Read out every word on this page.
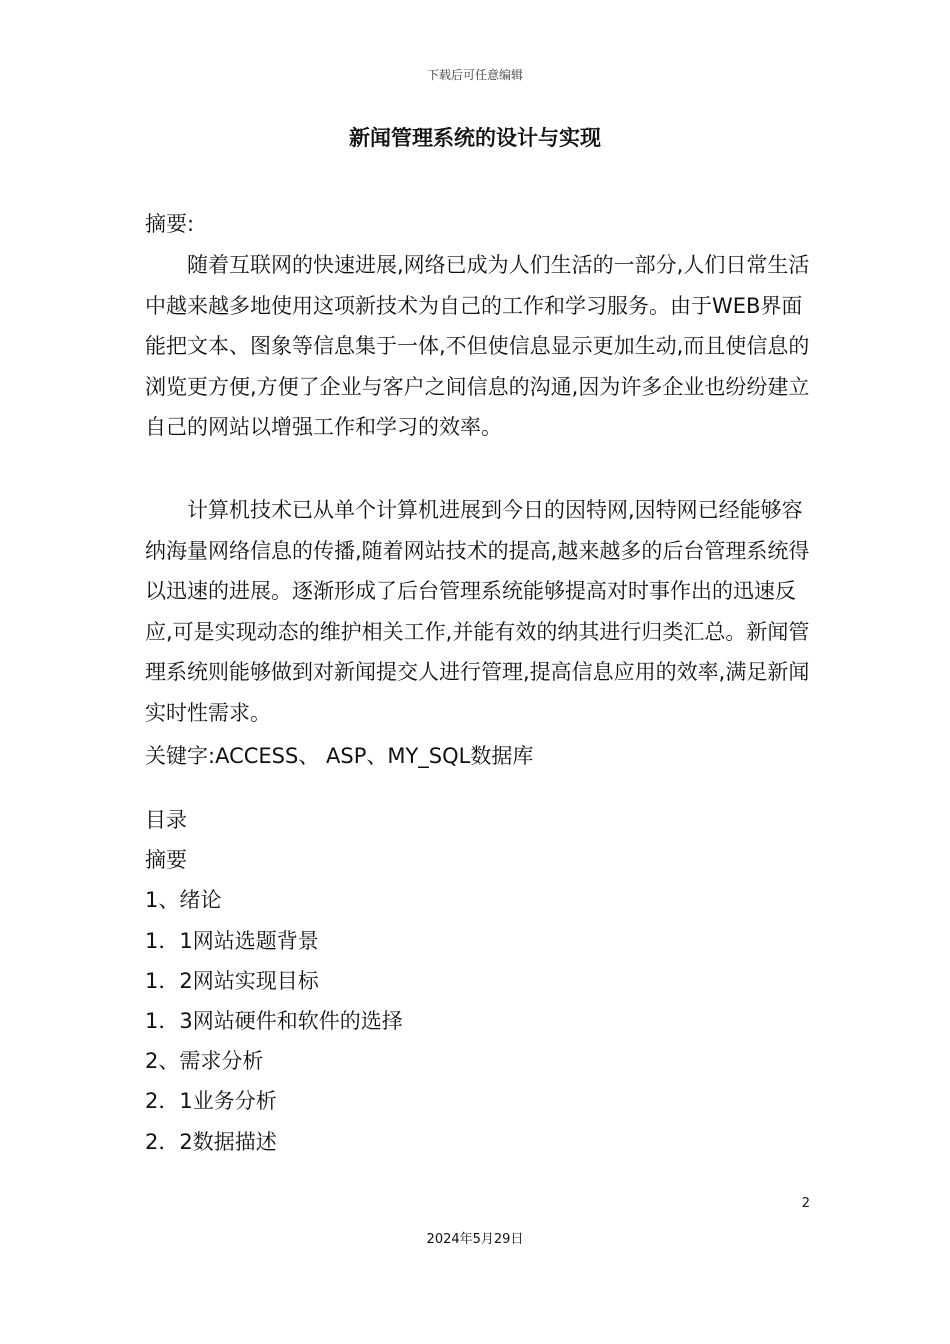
下载后可任意编辑
新闻管理系统的设计与实现
摘要:

随着互联网的快速进展,网络已成为人们生活的一部分,人们日常生活中越来越多地使用这项新技术为自己的工作和学习服务。由于WEB界面能把文本、图象等信息集于一体,不但使信息显示更加生动,而且使信息的浏览更方便,方便了企业与客户之间信息的沟通,因为许多企业也纷纷建立自己的网站以增强工作和学习的效率。

计算机技术已从单个计算机进展到今日的因特网,因特网已经能够容纳海量网络信息的传播,随着网站技术的提高,越来越多的后台管理系统得以迅速的进展。逐渐形成了后台管理系统能够提高对时事作出的迅速反应,可是实现动态的维护相关工作,并能有效的纳其进行归类汇总。新闻管理系统则能够做到对新闻提交人进行管理,提高信息应用的效率,满足新闻实时性需求。

关键字:ACCESS、 ASP、MY_SQL数据库
目录
摘要
1、绪论
1．1网站选题背景
1．2网站实现目标
1．3网站硬件和软件的选择
2、需求分析
2．1业务分析
2．2数据描述
2
2024年5月29日
